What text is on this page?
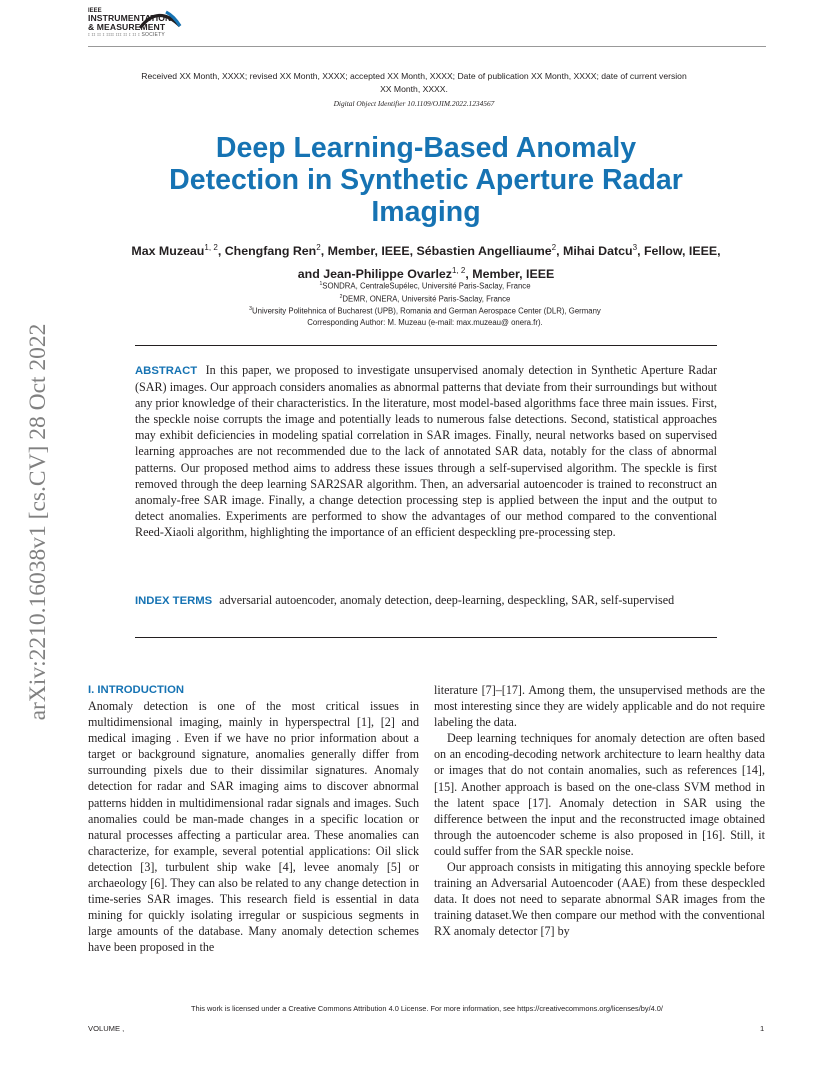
IEEE
INSTRUMENTATION
& MEASUREMENT
ɪ ɪɪ ɪɪ ɪ ɪɪɪɪ ɪɪɪ ɪɪ ɪ ɪɪ ɪ SOCIETY
Received XX Month, XXXX; revised XX Month, XXXX; accepted XX Month, XXXX; Date of publication XX Month, XXXX; date of current version XX Month, XXXX.
Digital Object Identifier 10.1109/OJIM.2022.1234567
Deep Learning-Based Anomaly
Detection in Synthetic Aperture Radar
Imaging
Max Muzeau$^{1, 2}$, Chengfang Ren$^2$, Member, IEEE, Sébastien Angelliaume$^2$, Mihai Datcu$^3$, Fellow, IEEE, and Jean-Philippe Ovarlez$^{1, 2}$, Member, IEEE
$^1$SONDRA, CentraleSupélec, Université Paris-Saclay, France
$^2$DEMR, ONERA, Université Paris-Saclay, France
$^3$University Politehnica of Bucharest (UPB), Romania and German Aerospace Center (DLR), Germany
Corresponding Author: M. Muzeau (e-mail: max.muzeau@ onera.fr).
ABSTRACT In this paper, we proposed to investigate unsupervised anomaly detection in Synthetic Aperture Radar (SAR) images. Our approach considers anomalies as abnormal patterns that deviate from their surroundings but without any prior knowledge of their characteristics. In the literature, most model-based algorithms face three main issues. First, the speckle noise corrupts the image and potentially leads to numerous false detections. Second, statistical approaches may exhibit deficiencies in modeling spatial correlation in SAR images. Finally, neural networks based on supervised learning approaches are not recommended due to the lack of annotated SAR data, notably for the class of abnormal patterns. Our proposed method aims to address these issues through a self-supervised algorithm. The speckle is first removed through the deep learning SAR2SAR algorithm. Then, an adversarial autoencoder is trained to reconstruct an anomaly-free SAR image. Finally, a change detection processing step is applied between the input and the output to detect anomalies. Experiments are performed to show the advantages of our method compared to the conventional Reed-Xiaoli algorithm, highlighting the importance of an efficient despeckling pre-processing step.
INDEX TERMS adversarial autoencoder, anomaly detection, deep-learning, despeckling, SAR, self-supervised
arXiv:2210.16038v1 [cs.CV] 28 Oct 2022	I. INTRODUCTION

Anomaly detection is one of the most critical issues in multidimensional imaging, mainly in hyperspectral [1], [2] and medical imaging . Even if we have no prior information about a target or background signature, anomalies generally differ from surrounding pixels due to their dissimilar signatures. Anomaly detection for radar and SAR imaging aims to discover abnormal patterns hidden in multidimensional radar signals and images. Such anomalies could be man-made changes in a specific location or natural processes affecting a particular area. These anomalies can characterize, for example, several potential applications: Oil slick detection [3], turbulent ship wake [4], levee anomaly [5] or archaeology [6]. They can also be related to any change detection in time-series SAR images. This research field is essential in data mining for quickly isolating irregular or suspicious segments in large amounts of the database. Many anomaly detection schemes have been proposed in the

literature [7]–[17]. Among them, the unsupervised methods are the most interesting since they are widely applicable and do not require labeling the data.

Deep learning techniques for anomaly detection are often based on an encoding-decoding network architecture to learn healthy data or images that do not contain anomalies, such as references [14], [15]. Another approach is based on the one-class SVM method in the latent space [17]. Anomaly detection in SAR using the difference between the input and the reconstructed image obtained through the autoencoder scheme is also proposed in [16]. Still, it could suffer from the SAR speckle noise.

Our approach consists in mitigating this annoying speckle before training an Adversarial Autoencoder (AAE) from these despeckled data. It does not need to separate abnormal SAR images from the training dataset.We then compare our method with the conventional RX anomaly detector [7] by

This work is licensed under a Creative Commons Attribution 4.0 License. For more information, see https://creativecommons.org/licenses/by/4.0/
VOLUME ,	1
